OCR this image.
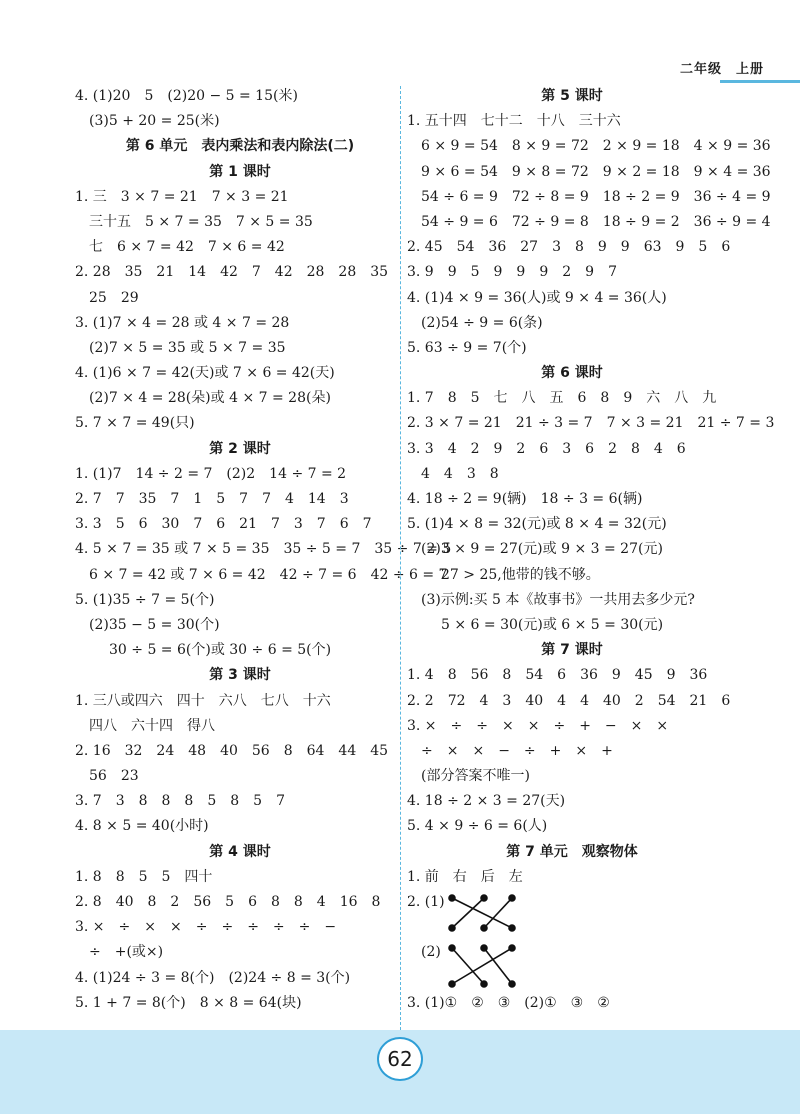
二年级　上册
4. (1)20　5　(2)20 − 5 = 15(米)
(3)5 + 20 = 25(米)
第 6 单元　表内乘法和表内除法(二)
第 1 课时
1. 三　3 × 7 = 21　7 × 3 = 21
三十五　5 × 7 = 35　7 × 5 = 35
七　6 × 7 = 42　7 × 6 = 42
2. 28　35　21　14　42　7　42　28　28　35
25　29
3. (1)7 × 4 = 28 或 4 × 7 = 28
(2)7 × 5 = 35 或 5 × 7 = 35
4. (1)6 × 7 = 42(天)或 7 × 6 = 42(天)
(2)7 × 4 = 28(朵)或 4 × 7 = 28(朵)
5. 7 × 7 = 49(只)
第 2 课时
1. (1)7　14 ÷ 2 = 7　(2)2　14 ÷ 7 = 2
2. 7　7　35　7　1　5　7　7　4　14　3
3. 3　5　6　30　7　6　21　7　3　7　6　7
4. 5 × 7 = 35 或 7 × 5 = 35　35 ÷ 5 = 7　35 ÷ 7 = 5
6 × 7 = 42 或 7 × 6 = 42　42 ÷ 7 = 6　42 ÷ 6 = 7
5. (1)35 ÷ 7 = 5(个)
(2)35 − 5 = 30(个)
30 ÷ 5 = 6(个)或 30 ÷ 6 = 5(个)
第 3 课时
1. 三八或四六　四十　六八　七八　十六
四八　六十四　得八
2. 16　32　24　48　40　56　8　64　44　45
56　23
3. 7　3　8　8　8　5　8　5　7
4. 8 × 5 = 40(小时)
第 4 课时
1. 8　8　5　5　四十
2. 8　40　8　2　56　5　6　8　8　4　16　8
3. ×　÷　×　×　÷　÷　÷　÷　÷　−
÷　+(或×)
4. (1)24 ÷ 3 = 8(个)　(2)24 ÷ 8 = 3(个)
5. 1 + 7 = 8(个)　8 × 8 = 64(块)
第 5 课时
1. 五十四　七十二　十八　三十六
6 × 9 = 54　8 × 9 = 72　2 × 9 = 18　4 × 9 = 36
9 × 6 = 54　9 × 8 = 72　9 × 2 = 18　9 × 4 = 36
54 ÷ 6 = 9　72 ÷ 8 = 9　18 ÷ 2 = 9　36 ÷ 4 = 9
54 ÷ 9 = 6　72 ÷ 9 = 8　18 ÷ 9 = 2　36 ÷ 9 = 4
2. 45　54　36　27　3　8　9　9　63　9　5　6
3. 9　9　5　9　9　9　2　9　7
4. (1)4 × 9 = 36(人)或 9 × 4 = 36(人)
(2)54 ÷ 9 = 6(条)
5. 63 ÷ 9 = 7(个)
第 6 课时
1. 7　8　5　七　八　五　6　8　9　六　八　九
2. 3 × 7 = 21　21 ÷ 3 = 7　7 × 3 = 21　21 ÷ 7 = 3
3. 3　4　2　9　2　6　3　6　2　8　4　6
4　4　3　8
4. 18 ÷ 2 = 9(辆)　18 ÷ 3 = 6(辆)
5. (1)4 × 8 = 32(元)或 8 × 4 = 32(元)
(2)3 × 9 = 27(元)或 9 × 3 = 27(元)
27 > 25,他带的钱不够。
(3)示例:买 5 本《故事书》一共用去多少元?
5 × 6 = 30(元)或 6 × 5 = 30(元)
第 7 课时
1. 4　8　56　8　54　6　36　9　45　9　36
2. 2　72　4　3　40　4　4　40　2　54　21　6
3. ×　÷　÷　×　×　÷　+　−　×　×
÷　×　×　−　÷　+　×　+
(部分答案不唯一)
4. 18 ÷ 2 × 3 = 27(天)
5. 4 × 9 ÷ 6 = 6(人)
第 7 单元　观察物体
1. 前　右　后　左
2. (1)
(2)
3. (1)①　②　③　(2)①　③　②
62
